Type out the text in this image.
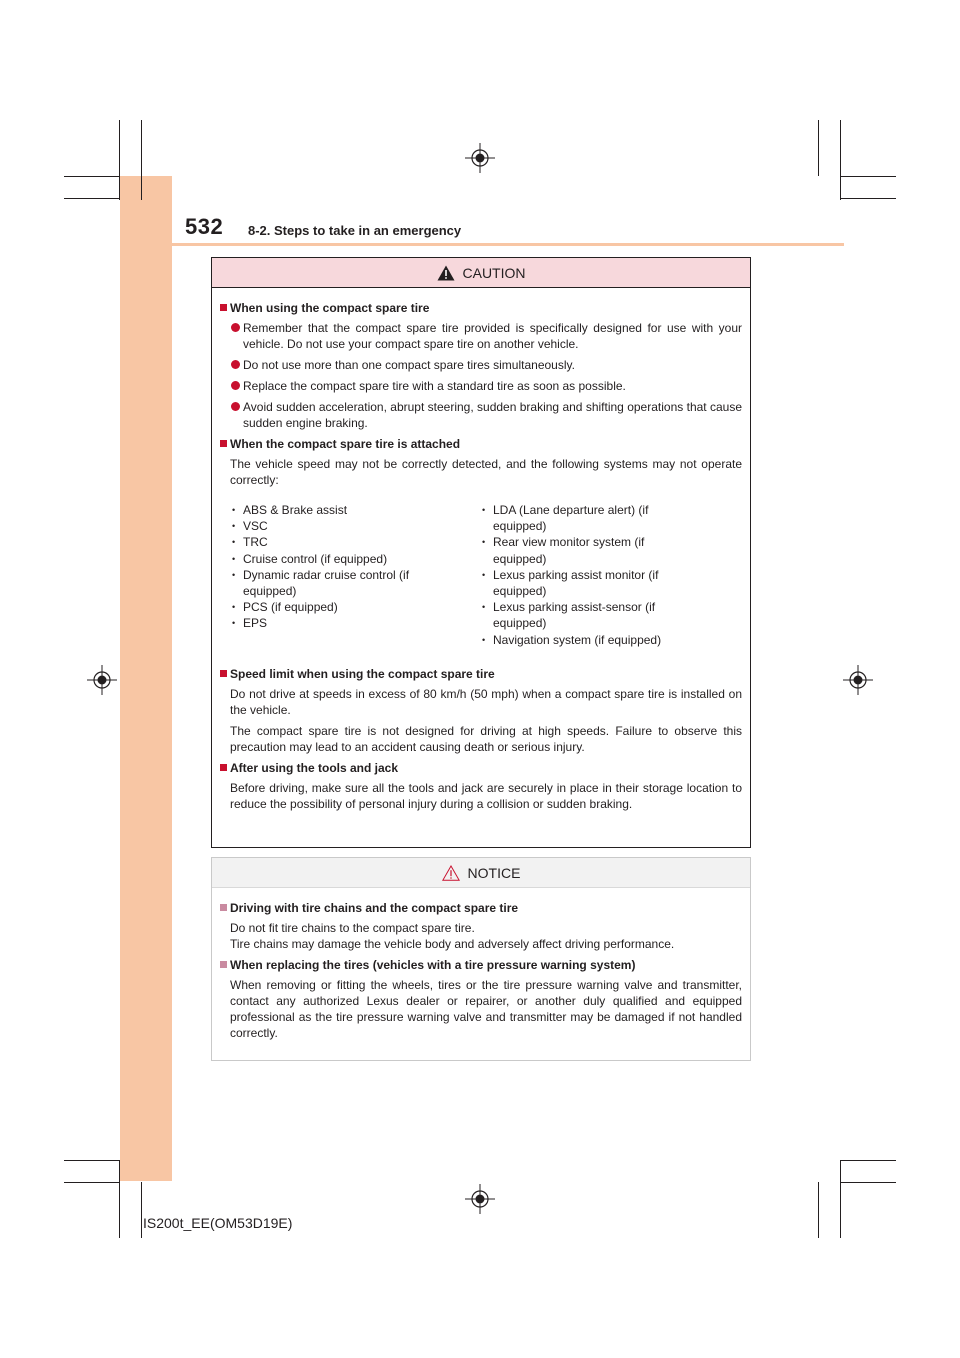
532 8-2. Steps to take in an emergency
CAUTION
When using the compact spare tire
Remember that the compact spare tire provided is specifically designed for use with your vehicle. Do not use your compact spare tire on another vehicle.
Do not use more than one compact spare tires simultaneously.
Replace the compact spare tire with a standard tire as soon as possible.
Avoid sudden acceleration, abrupt steering, sudden braking and shifting operations that cause sudden engine braking.
When the compact spare tire is attached
The vehicle speed may not be correctly detected, and the following systems may not operate correctly:
• ABS & Brake assist
• VSC
• TRC
• Cruise control (if equipped)
• Dynamic radar cruise control (if equipped)
• PCS (if equipped)
• EPS
• LDA (Lane departure alert) (if equipped)
• Rear view monitor system (if equipped)
• Lexus parking assist monitor (if equipped)
• Lexus parking assist-sensor (if equipped)
• Navigation system (if equipped)
Speed limit when using the compact spare tire
Do not drive at speeds in excess of 80 km/h (50 mph) when a compact spare tire is installed on the vehicle.
The compact spare tire is not designed for driving at high speeds. Failure to observe this precaution may lead to an accident causing death or serious injury.
After using the tools and jack
Before driving, make sure all the tools and jack are securely in place in their storage location to reduce the possibility of personal injury during a collision or sudden braking.
NOTICE
Driving with tire chains and the compact spare tire
Do not fit tire chains to the compact spare tire.
Tire chains may damage the vehicle body and adversely affect driving performance.
When replacing the tires (vehicles with a tire pressure warning system)
When removing or fitting the wheels, tires or the tire pressure warning valve and transmitter, contact any authorized Lexus dealer or repairer, or another duly qualified and equipped professional as the tire pressure warning valve and transmitter may be damaged if not handled correctly.
IS200t_EE(OM53D19E)
